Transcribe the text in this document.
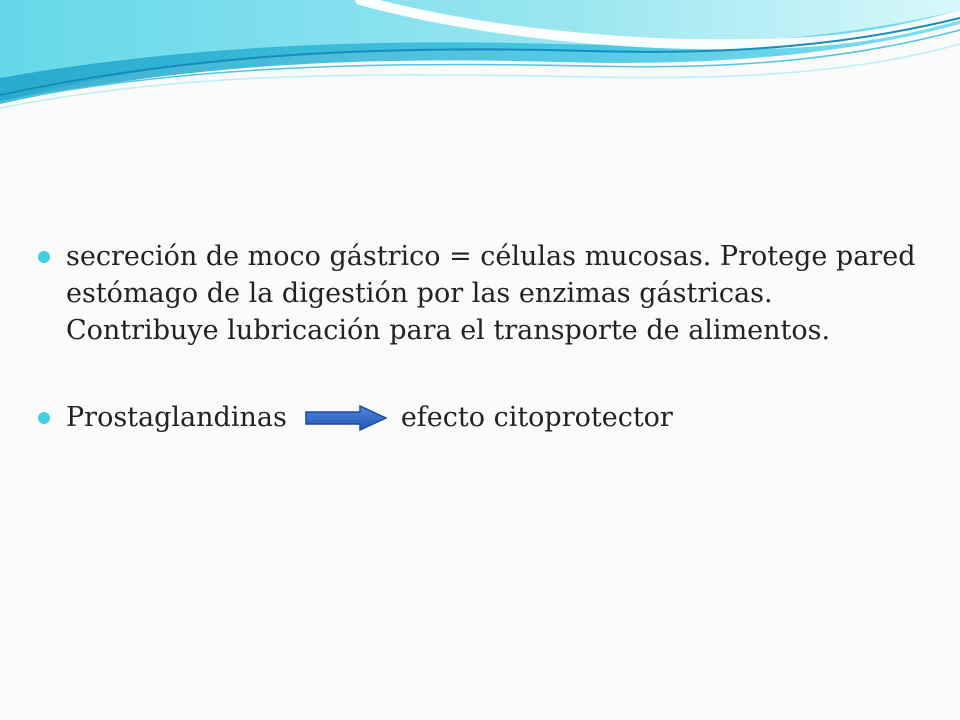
secreción de moco gástrico = células mucosas. Protege pared estómago de la digestión por las enzimas gástricas. Contribuye lubricación para el transporte de alimentos.
Prostaglandinas	efecto citoprotector
